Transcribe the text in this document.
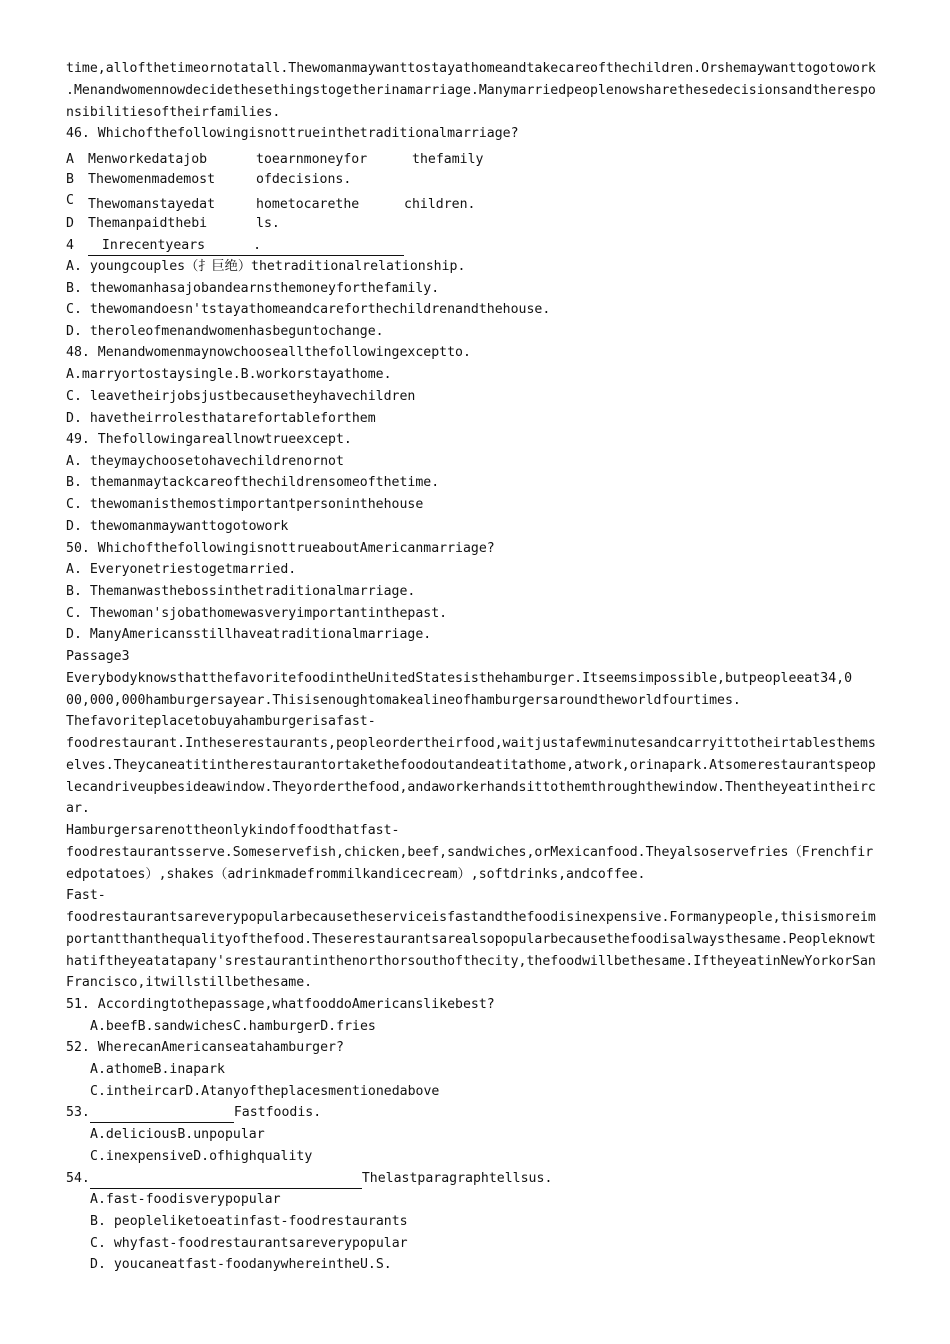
time,allofthetimeornotatall.Thewomanmaywanttostayathomeandtakecareofthechildren.Orshemaywanttogotowork
.Menandwomennowdecidethesethingstogetherinamarriage.Manymarriedpeoplenowsharethesedecisionsandtherespo
nsibilitiesoftheirfamilies.
46. Whichofthefollowingisnottrueinthetraditionalmarriage?
A Menworkedatajob	toearnmoneyfor	thefamily
B Thewomenmademost	ofdecisions.
C Thewomanstayedat	hometocarethe	children.
D Themanpaidthebi	ls.
4 Inrecentyears	.
A. youngcouples（扌巨绝）thetraditionalrelationship.
B. thewomanhasajobandearnsthemoneyforthefamily.
C. thewomandoesn'tstayathomeandcareforthechildrenandthehouse.
D. theroleofmenandwomenhasbeguntochange.
48. Menandwomenmaynowchooseallthefollowingexceptto.
A.marryortostaysingle.B.workorstayathome.
C. leavetheirjobsjustbecausetheyhavechildren
D. havetheirrolesthatarefortableforthem
49. Thefollowingareallnowtrueexcept.
A. theymaychoosetohavechildrenornot
B. themanmaytackcareofthechildrensomeofthetime.
C. thewomanisthemostimportantpersoninthehouse
D. thewomanmaywanttogotowork
50. WhichofthefollowingisnottrueaboutAmericanmarriage?
A. Everyonetriestogetmarried.
B. Themanwasthebossinthetraditionalmarriage.
C. Thewoman'sjobathomewasveryimportantinthepast.
D. ManyAmericansstillhaveatraditionalmarriage.
Passage3
EverybodyknowsthatthefavoritefoodintheUnitedStatesisthehamburger.Itseemsimpossible,butpeopleeat34,0
00,000,000hamburgersayear.Thisisenoughtomakealineofhamburgersaroundtheworldfourtimes.
Thefavoriteplacetobuyahamburgerisafast-
foodrestaurant.Intheserestaurants,peopleordertheirfood,waitjustafewminutesandcarryittotheirtablesthems
elves.Theycaneatitintherestaurantortakethefoodoutandeatitathome,atwork,orinapark.Atsomerestaurantspeop
lecandriveupbesideawindow.Theyorderthefood,andaworkerhandsittothemthroughthewindow.Thentheyeatintheirc
ar.
Hamburgersarenottheonlykindoffoodthatfast-
foodrestaurantsserve.Someservefish,chicken,beef,sandwiches,orMexicanfood.Theyalsoservefries（Frenchfir
edpotatoes）,shakes（adrinkmadefrommilkandicecream）,softdrinks,andcoffee.
Fast-
foodrestaurantsareverypopularbecausetheserviceisfastandthefoodisinexpensive.Formanypeople,thisismoreim
portantthanthequalityofthefood.Theserestaurantsarealsopopularbecausethefoodisalwaysthesame.Peopleknowt
hatiftheyeatatapany'srestaurantinthenorthorsouthofthecity,thefoodwillbethesame.IftheyeatinNewYorkorSan
Francisco,itwillstillbethesame.
51. Accordingtothepassage,whatfooddoAmericanslikebest?
A.beefB.sandwichesC.hamburgerD.fries
52. WherecanAmericanseatahamburger?
A.athomeB.inapark
C.intheircarD.Atanyoftheplacesmentionedabove
53.	Fastfoodis.
A.deliciousB.unpopular
C.inexpensiveD.ofhighquality
54.	Thelastparagraphtellsus.
A.fast-foodisverypopular
B. peopleliketoeatinfast-foodrestaurants
C. whyfast-foodrestaurantsareverypopular
D. youcaneatfast-foodanywhereintheU.S.
